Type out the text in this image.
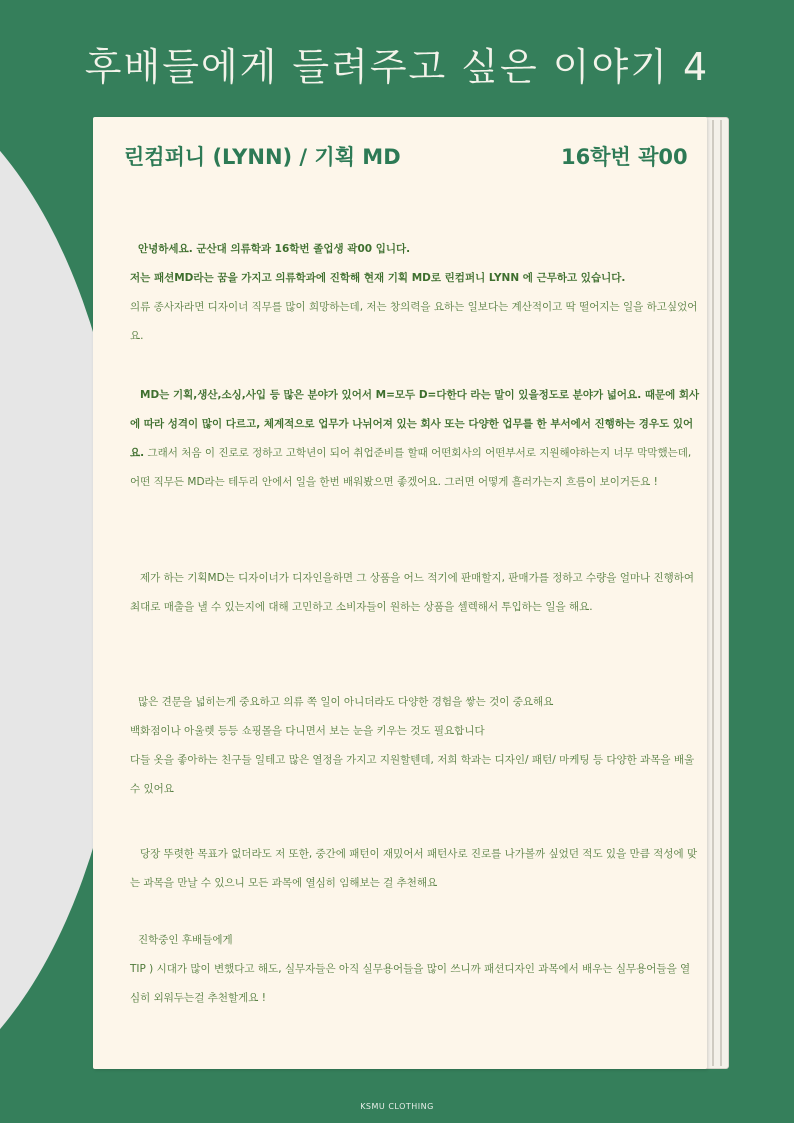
후배들에게 들려주고 싶은 이야기 4
린컴퍼니 (LYNN) / 기획 MD	16학번 곽00

안녕하세요. 군산대 의류학과 16학번 졸업생 곽00 입니다.

저는 패션MD라는 꿈을 가지고 의류학과에 진학해 현재 기획 MD로 린컴퍼니 LYNN 에 근무하고 있습니다.

의류 종사자라면 디자이너 직무를 많이 희망하는데, 저는 창의력을 요하는 일보다는 계산적이고 딱 떨어지는 일을 하고싶었어요.

MD는 기획,생산,소싱,사입 등 많은 분야가 있어서 M=모두 D=다한다 라는 말이 있을정도로 분야가 넓어요. 때문에 회사에 따라 성격이 많이 다르고, 체계적으로 업무가 나뉘어져 있는 회사 또는 다양한 업무를 한 부서에서 진행하는 경우도 있어요. 그래서 처음 이 진로로 정하고 고학년이 되어 취업준비를 할때 어떤회사의 어떤부서로 지원해야하는지 너무 막막했는데, 어떤 직무든 MD라는 테두리 안에서 일을 한번 배워봤으면 좋겠어요. 그러면 어떻게 흘러가는지 흐름이 보이거든요 !

제가 하는 기획MD는 디자이너가 디자인을하면 그 상품을 어느 적기에 판매할지, 판매가를 정하고 수량을 얼마나 진행하여 최대로 매출을 낼 수 있는지에 대해 고민하고 소비자들이 원하는 상품을 셀렉해서 투입하는 일을 해요.

많은 견문을 넓히는게 중요하고 의류 쪽 일이 아니더라도 다양한 경험을 쌓는 것이 중요해요

백화점이나 아울렛 등등 쇼핑몰을 다니면서 보는 눈을 키우는 것도 필요합니다

다들 옷을 좋아하는 친구들 일테고 많은 열정을 가지고 지원할텐데, 저희 학과는 디자인/ 패턴/ 마케팅 등 다양한 과목을 배울 수 있어요

당장 뚜렷한 목표가 없더라도 저 또한, 중간에 패턴이 재밌어서 패턴사로 진로를 나가볼까 싶었던 적도 있을 만큼 적성에 맞는 과목을 만날 수 있으니 모든 과목에 열심히 임해보는 걸 추천해요

진학중인 후배들에게

TIP ) 시대가 많이 변했다고 해도, 실무자들은 아직 실무용어들을 많이 쓰니까 패션디자인 과목에서 배우는 실무용어들을 열심히 외워두는걸 추천할게요 !

KSMU CLOTHING
